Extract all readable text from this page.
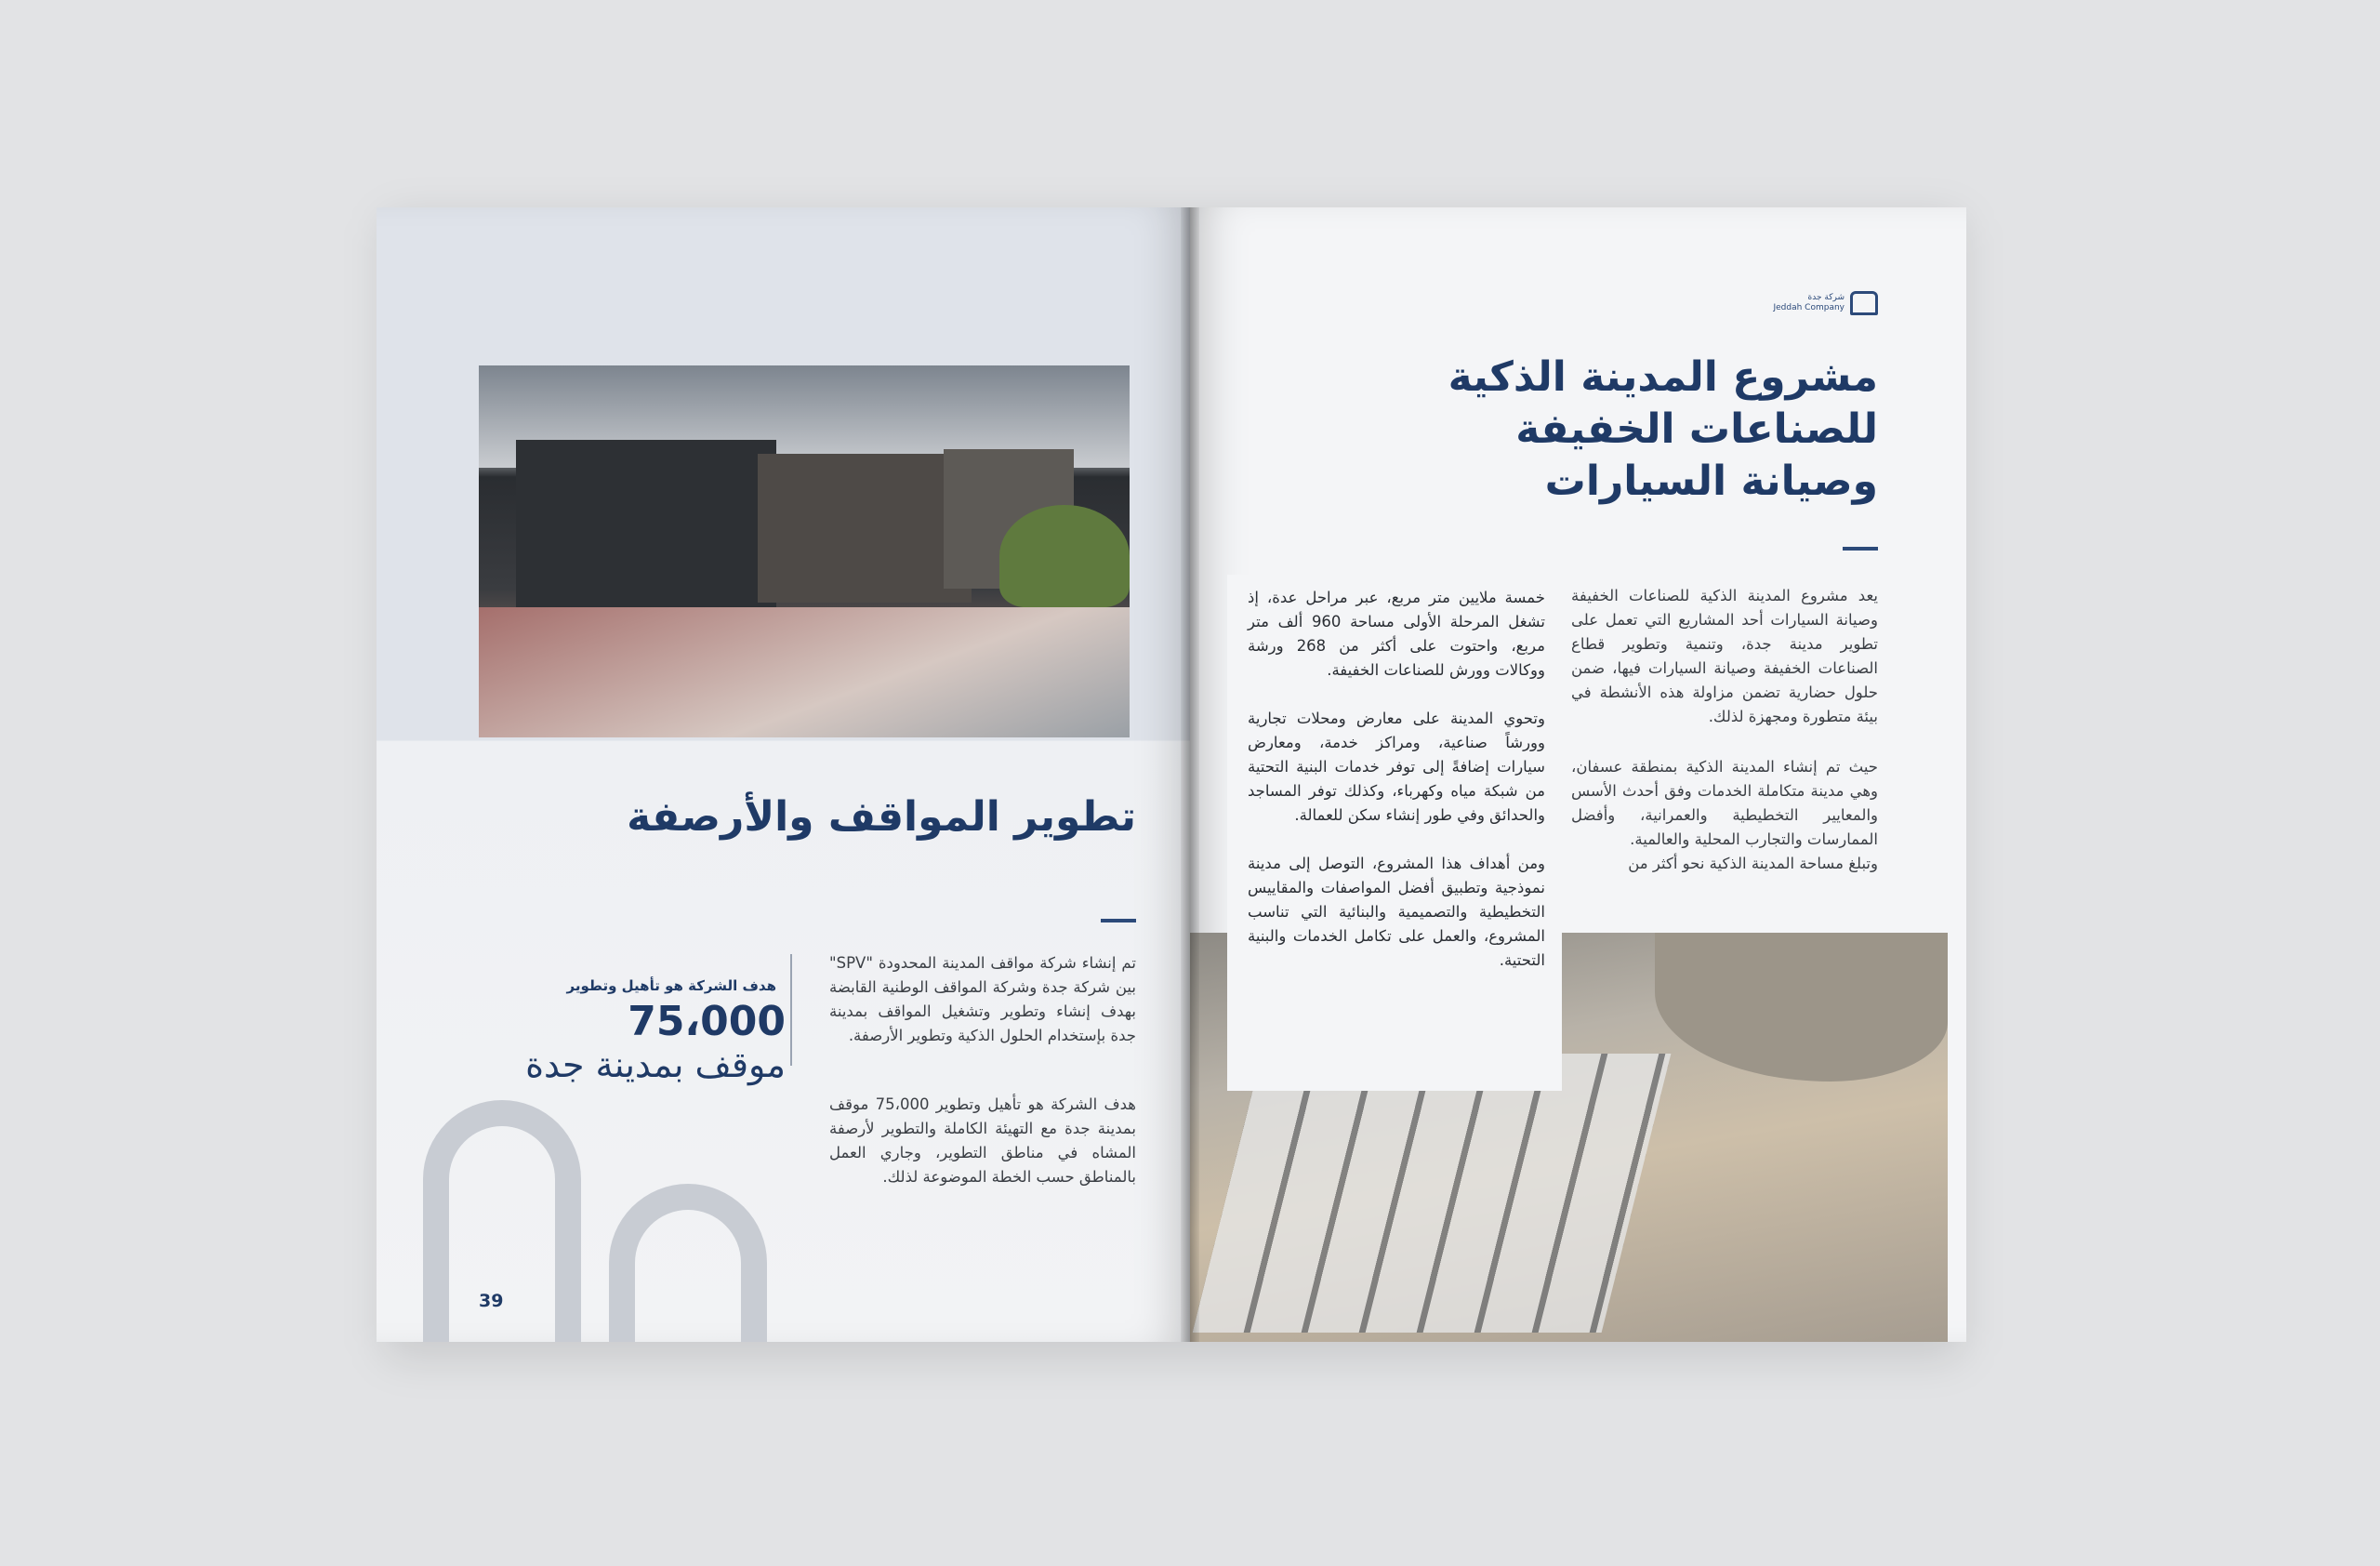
تطوير المواقف والأرصفة
تم إنشاء شركة مواقف المدينة المحدودة "SPV" بين شركة جدة وشركة المواقف الوطنية القابضة بهدف إنشاء وتطوير وتشغيل المواقف بمدينة جدة بإستخدام الحلول الذكية وتطوير الأرصفة.
هدف الشركة هو تأهيل وتطوير 75،000 موقف بمدينة جدة مع التهيئة الكاملة والتطوير لأرصفة المشاه في مناطق التطوير، وجاري العمل بالمناطق حسب الخطة الموضوعة لذلك.
هدف الشركة هو تأهيل وتطوير
75،000
موقف بمدينة جدة
39
شركة جدة
Jeddah Company
مشروع المدينة الذكية للصناعات الخفيفة وصيانة السيارات

يعد مشروع المدينة الذكية للصناعات الخفيفة وصيانة السيارات أحد المشاريع التي تعمل على تطوير مدينة جدة، وتنمية وتطوير قطاع الصناعات الخفيفة وصيانة السيارات فيها، ضمن حلول حضارية تضمن مزاولة هذه الأنشطة في بيئة متطورة ومجهزة لذلك.

حيث تم إنشاء المدينة الذكية بمنطقة عسفان، وهي مدينة متكاملة الخدمات وفق أحدث الأسس والمعايير التخطيطية والعمرانية، وأفضل الممارسات والتجارب المحلية والعالمية.

وتبلغ مساحة المدينة الذكية نحو أكثر من

خمسة ملايين متر مربع، عبر مراحل عدة، إذ تشغل المرحلة الأولى مساحة 960 ألف متر مربع، واحتوت على أكثر من 268 ورشة ووكالات وورش للصناعات الخفيفة.

وتحوي المدينة على معارض ومحلات تجارية وورشاً صناعية، ومراكز خدمة، ومعارض سيارات إضافةً إلى توفر خدمات البنية التحتية من شبكة مياه وكهرباء، وكذلك توفر المساجد والحدائق وفي طور إنشاء سكن للعمالة.

ومن أهداف هذا المشروع، التوصل إلى مدينة نموذجية وتطبيق أفضل المواصفات والمقاييس التخطيطية والتصميمية والبنائية التي تناسب المشروع، والعمل على تكامل الخدمات والبنية التحتية.
